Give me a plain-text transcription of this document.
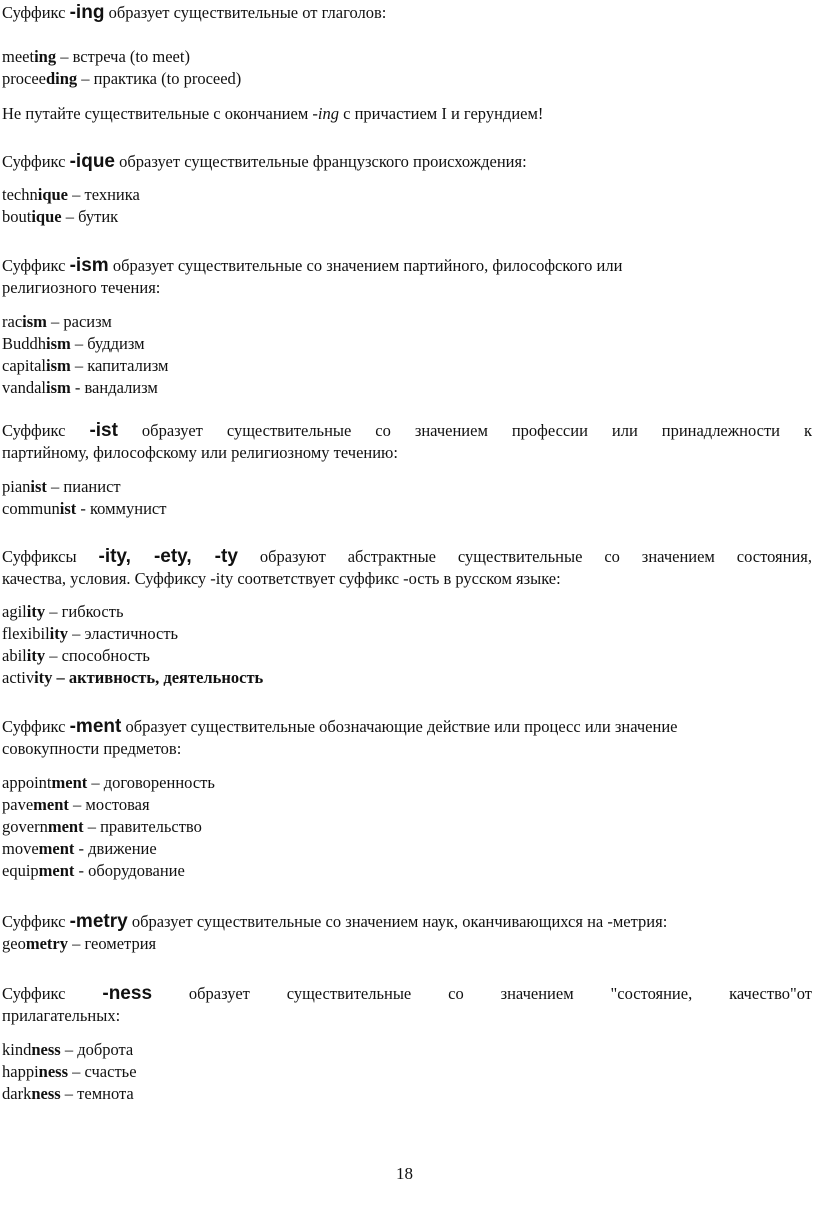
Суффикс -ing образует существительные от глаголов:
meeting – встреча (to meet)
proceeding – практика (to proceed)
Не путайте существительные с окончанием -ing с причастием I и герундием!
Суффикс -ique образует существительные французского происхождения:
technique – техника
boutique – бутик
Суффикс -ism образует существительные со значением партийного, философского или
религиозного течения:
racism – расизм
Buddhism – буддизм
capitalism – капитализм
vandalism - вандализм
Суффикс -ist образует существительные со значением профессии или принадлежности к
партийному, философскому или религиозному течению:
pianist – пианист
communist - коммунист
Суффиксы -ity, -ety, -ty образуют абстрактные существительные со значением состояния,
качества, условия. Суффиксу -ity соответствует суффикс -ость в русском языке:
agility – гибкость
flexibility – эластичность
ability – способность
activity – активность, деятельность
Суффикс -ment образует существительные обозначающие действие или процесс или значение
совокупности предметов:
appointment – договоренность
pavement – мостовая
government – правительство
movement - движение
equipment - оборудование
Суффикс -metry образует существительные со значением наук, оканчивающихся на -метрия:
geometry – геометрия
Суффикс -ness образует существительные со значением "состояние, качество"от
прилагательных:
kindness – доброта
happiness – счастье
darkness – темнота
18
